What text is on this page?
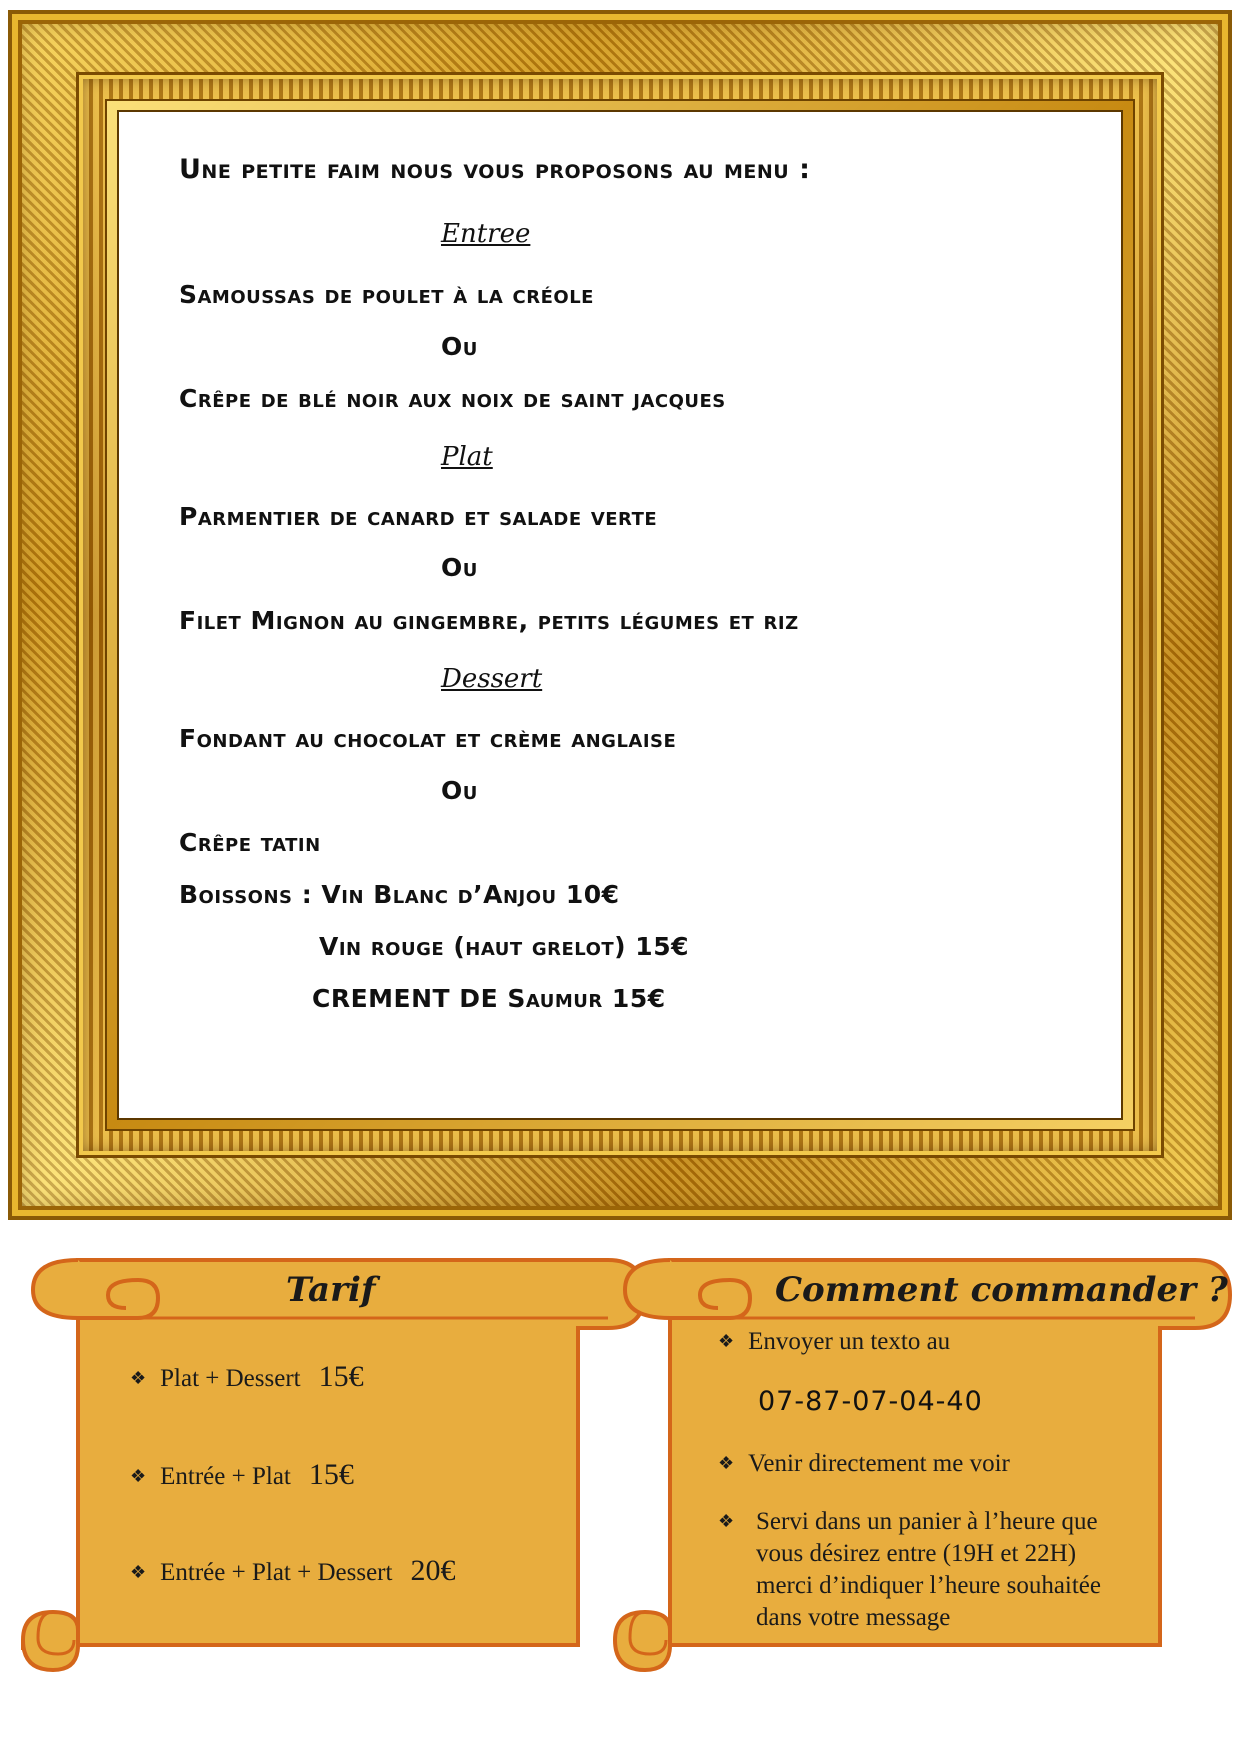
Une petite faim nous vous proposons au menu :
Entree
Samoussas de poulet à la créole
Ou
Crêpe de blé noir aux noix de saint jacques
Plat
Parmentier de canard et salade verte
Ou
Filet Mignon au gingembre, petits légumes et riz
Dessert
Fondant au chocolat et crème anglaise
Ou
Crêpe tatin
Boissons : Vin Blanc d’Anjou 10€
Vin rouge (haut grelot) 15€
CREMENT DE Saumur 15€
Tarif
❖ Plat + Dessert 15€
❖ Entrée + Plat 15€
❖ Entrée + Plat + Dessert 20€
Comment commander ?
❖ Envoyer un texto au
07-87-07-04-40
❖ Venir directement me voir
❖ Servi dans un panier à l’heure que vous désirez entre (19H et 22H) merci d’indiquer l’heure souhaitée dans votre message
